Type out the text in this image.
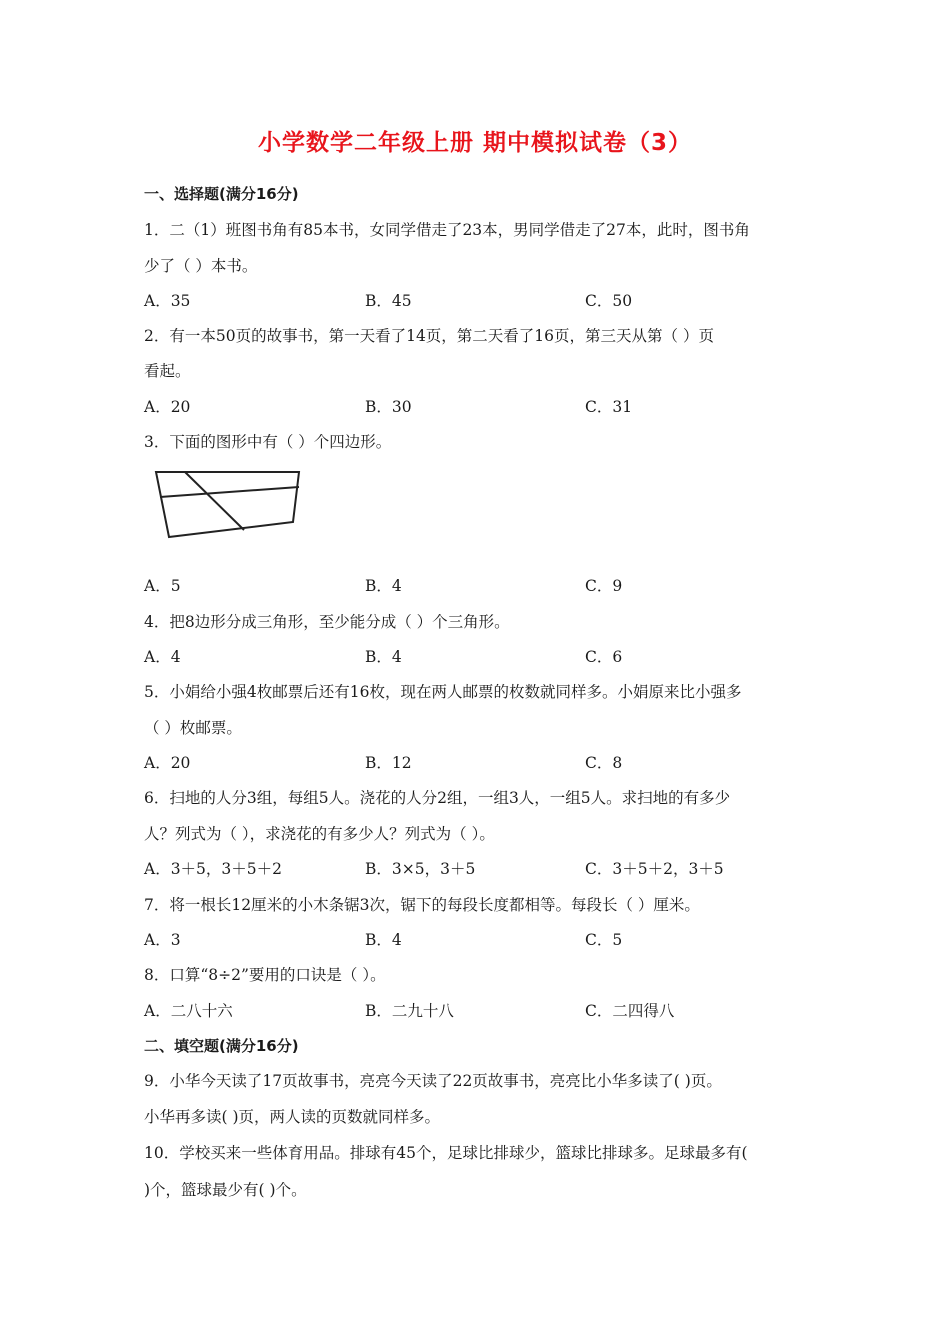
小学数学二年级上册 期中模拟试卷（3）
一、选择题(满分16分)
1．二（1）班图书角有85本书，女同学借走了23本，男同学借走了27本，此时，图书角
少了（ ）本书。
A．35	B．45	C．50
2．有一本50页的故事书，第一天看了14页，第二天看了16页，第三天从第（ ）页
看起。
A．20	B．30	C．31
3．下面的图形中有（ ）个四边形。
A．5	B．4	C．9
4．把8边形分成三角形，至少能分成（ ）个三角形。
A．4	B．4	C．6
5．小娟给小强4枚邮票后还有16枚，现在两人邮票的枚数就同样多。小娟原来比小强多
（ ）枚邮票。
A．20	B．12	C．8
6．扫地的人分3组，每组5人。浇花的人分2组，一组3人，一组5人。求扫地的有多少
人？列式为（ ），求浇花的有多少人？列式为（ ）。
A．3＋5，3＋5＋2	B．3×5，3＋5	C．3＋5＋2，3＋5
7．将一根长12厘米的小木条锯3次，锯下的每段长度都相等。每段长（ ）厘米。
A．3	B．4	C．5
8．口算“8÷2”要用的口诀是（ ）。
A．二八十六	B．二九十八	C．二四得八
二、填空题(满分16分)
9．小华今天读了17页故事书，亮亮今天读了22页故事书，亮亮比小华多读了( )页。
小华再多读( )页，两人读的页数就同样多。
10．学校买来一些体育用品。排球有45个，足球比排球少，篮球比排球多。足球最多有(
)个，篮球最少有( )个。
